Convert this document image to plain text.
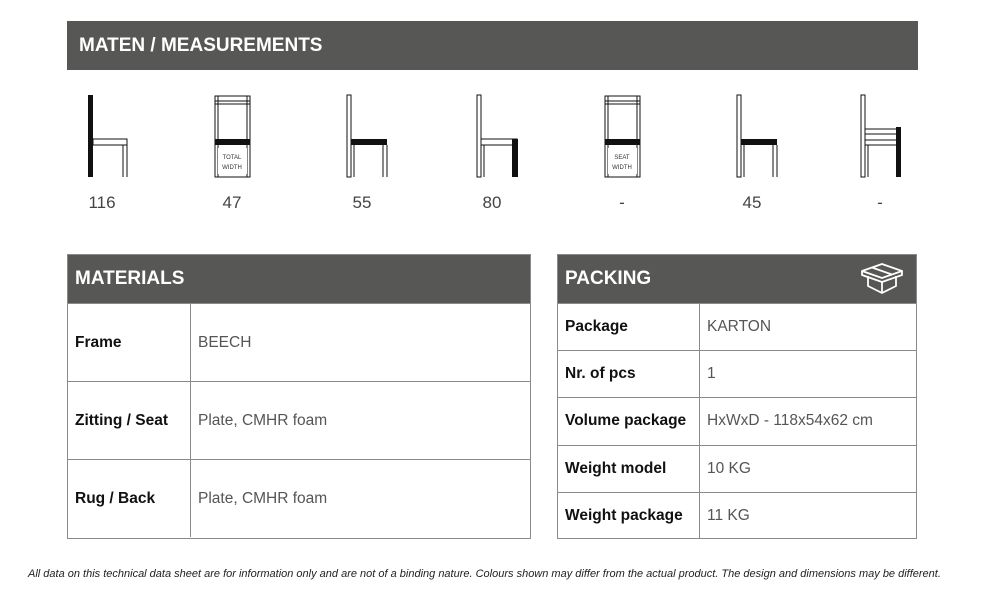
MATEN / MEASUREMENTS
116
TOTAL
WIDTH
47	55	80
SEAT
WIDTH
-	45	-
MATERIALS
Frame	BEECH
Zitting / Seat	Plate, CMHR foam
Rug / Back	Plate, CMHR foam
PACKING
Package	KARTON
Nr. of pcs	1
Volume package	HxWxD - 118x54x62 cm
Weight model	10 KG
Weight package	11 KG
All data on this technical data sheet are for information only and are not of a binding nature. Colours shown may differ from the actual product. The design and dimensions may be different.
